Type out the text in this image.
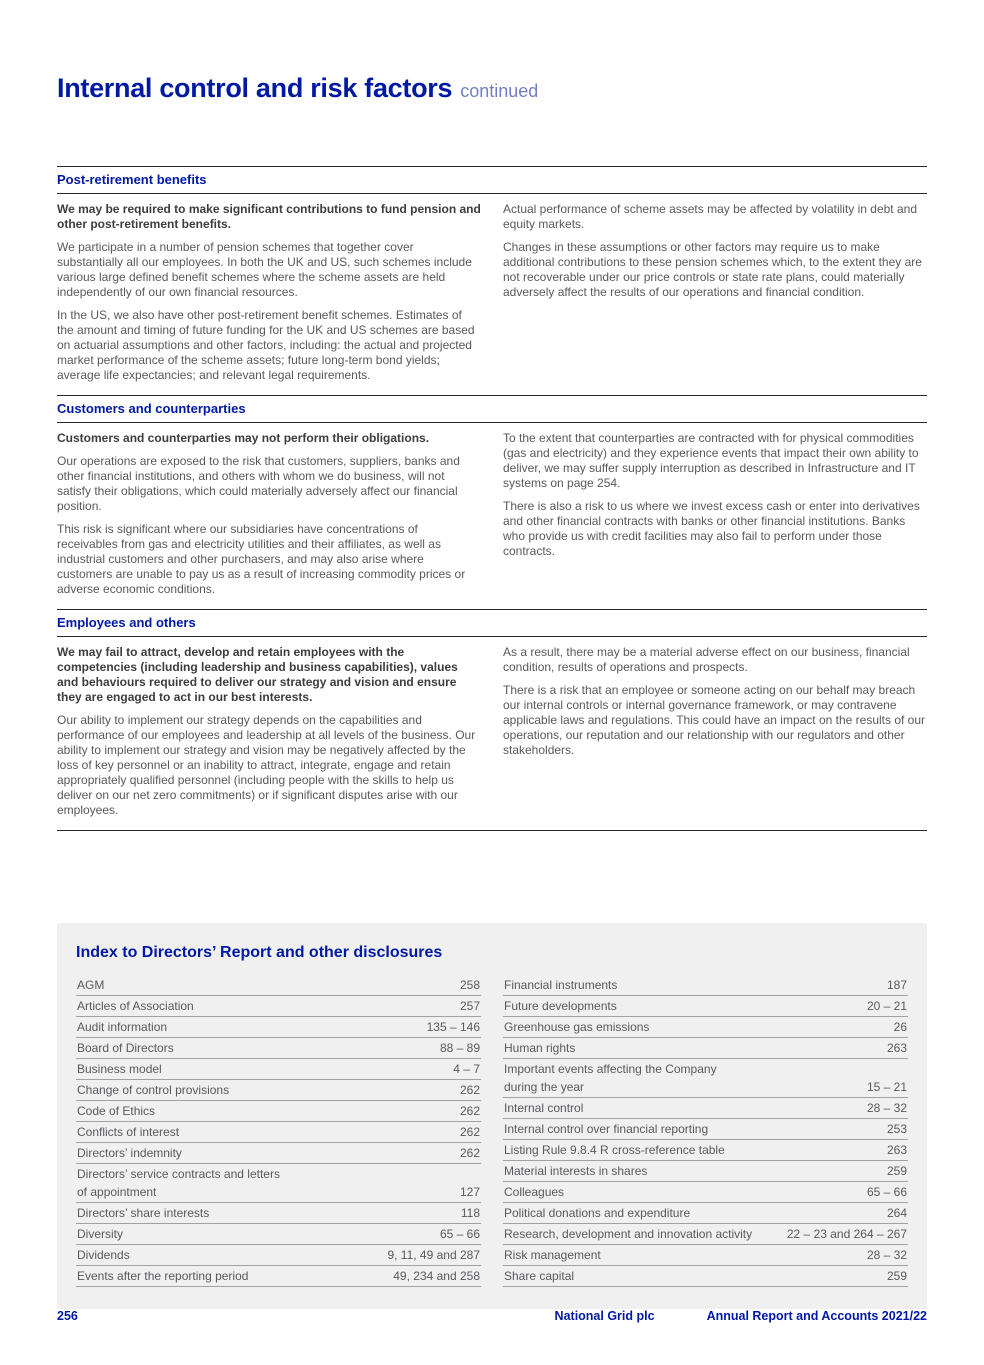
Internal control and risk factors continued
Post-retirement benefits

We may be required to make significant contributions to fund pension and other post-retirement benefits.

We participate in a number of pension schemes that together cover substantially all our employees. In both the UK and US, such schemes include various large defined benefit schemes where the scheme assets are held independently of our own financial resources.

In the US, we also have other post-retirement benefit schemes. Estimates of the amount and timing of future funding for the UK and US schemes are based on actuarial assumptions and other factors, including: the actual and projected market performance of the scheme assets; future long-term bond yields; average life expectancies; and relevant legal requirements.

Actual performance of scheme assets may be affected by volatility in debt and equity markets.

Changes in these assumptions or other factors may require us to make additional contributions to these pension schemes which, to the extent they are not recoverable under our price controls or state rate plans, could materially adversely affect the results of our operations and financial condition.

Customers and counterparties

Customers and counterparties may not perform their obligations.

Our operations are exposed to the risk that customers, suppliers, banks and other financial institutions, and others with whom we do business, will not satisfy their obligations, which could materially adversely affect our financial position.

This risk is significant where our subsidiaries have concentrations of receivables from gas and electricity utilities and their affiliates, as well as industrial customers and other purchasers, and may also arise where customers are unable to pay us as a result of increasing commodity prices or adverse economic conditions.

To the extent that counterparties are contracted with for physical commodities (gas and electricity) and they experience events that impact their own ability to deliver, we may suffer supply interruption as described in Infrastructure and IT systems on page 254.

There is also a risk to us where we invest excess cash or enter into derivatives and other financial contracts with banks or other financial institutions. Banks who provide us with credit facilities may also fail to perform under those contracts.

Employees and others

We may fail to attract, develop and retain employees with the competencies (including leadership and business capabilities), values and behaviours required to deliver our strategy and vision and ensure they are engaged to act in our best interests.

Our ability to implement our strategy depends on the capabilities and performance of our employees and leadership at all levels of the business. Our ability to implement our strategy and vision may be negatively affected by the loss of key personnel or an inability to attract, integrate, engage and retain appropriately qualified personnel (including people with the skills to help us deliver on our net zero commitments) or if significant disputes arise with our employees.

As a result, there may be a material adverse effect on our business, financial condition, results of operations and prospects.

There is a risk that an employee or someone acting on our behalf may breach our internal controls or internal governance framework, or may contravene applicable laws and regulations. This could have an impact on the results of our operations, our reputation and our relationship with our regulators and other stakeholders.

Index to Directors’ Report and other disclosures
AGM	258
Articles of Association	257
Audit information	135 – 146
Board of Directors	88 – 89
Business model	4 – 7
Change of control provisions	262
Code of Ethics	262
Conflicts of interest	262
Directors’ indemnity	262
Directors’ service contracts and letters
of appointment	127
Directors’ share interests	118
Diversity	65 – 66
Dividends	9, 11, 49 and 287
Events after the reporting period	49, 234 and 258
Financial instruments	187
Future developments	20 – 21
Greenhouse gas emissions	26
Human rights	263
Important events affecting the Company
during the year	15 – 21
Internal control	28 – 32
Internal control over financial reporting	253
Listing Rule 9.8.4 R cross-reference table	263
Material interests in shares	259
Colleagues	65 – 66
Political donations and expenditure	264
Research, development and innovation activity	22 – 23 and 264 – 267
Risk management	28 – 32
Share capital	259
256	National Grid plc	Annual Report and Accounts 2021/22
